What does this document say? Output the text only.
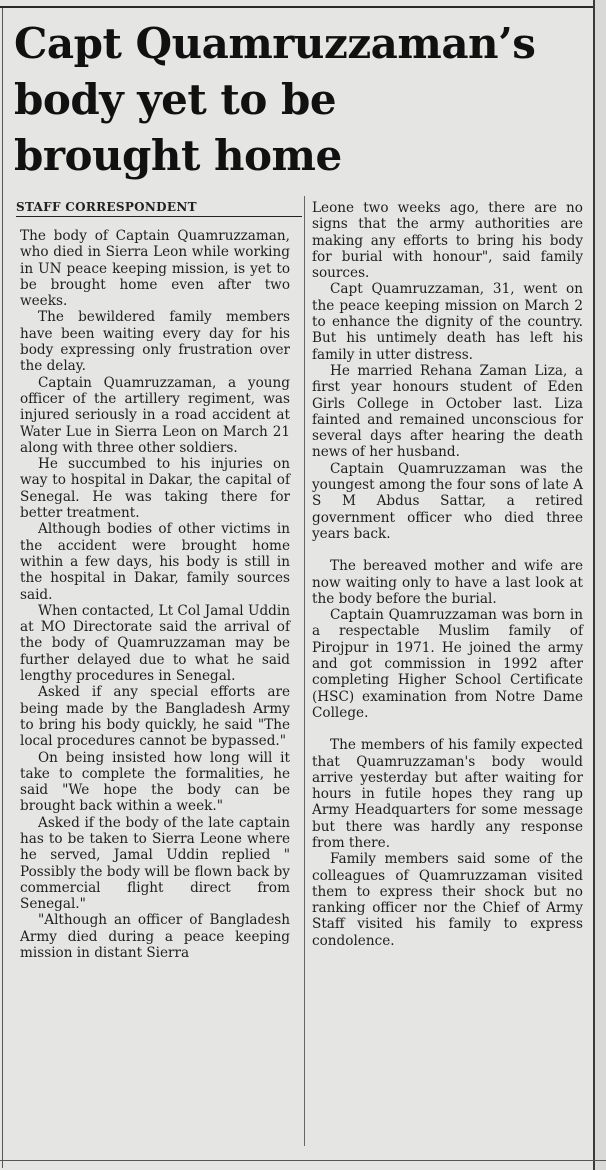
Capt Quamruzzaman’s
body yet to be
brought home
STAFF CORRESPONDENT

The body of Captain Quamruzzaman, who died in Sierra Leon while working in UN peace keeping mission, is yet to be brought home even after two weeks.

The bewildered family members have been waiting every day for his body expressing only frustration over the delay.

Captain Quamruzzaman, a young officer of the artillery regiment, was injured seriously in a road accident at Water Lue in Sierra Leon on March 21 along with three other soldiers.

He succumbed to his injuries on way to hospital in Dakar, the capital of Senegal. He was taking there for better treatment.

Although bodies of other victims in the accident were brought home within a few days, his body is still in the hospital in Dakar, family sources said.

When contacted, Lt Col Jamal Uddin at MO Directorate said the arrival of the body of Quamruzzaman may be further delayed due to what he said lengthy procedures in Senegal.

Asked if any special efforts are being made by the Bangladesh Army to bring his body quickly, he said "The local procedures cannot be bypassed."

On being insisted how long will it take to complete the formalities, he said "We hope the body can be brought back within a week."

Asked if the body of the late captain has to be taken to Sierra Leone where he served, Jamal Uddin replied " Possibly the body will be flown back by commercial flight direct from Senegal."

"Although an officer of Bangladesh Army died during a peace keeping mission in distant Sierra

Leone two weeks ago, there are no signs that the army authorities are making any efforts to bring his body for burial with honour", said family sources.

Capt Quamruzzaman, 31, went on the peace keeping mission on March 2 to enhance the dignity of the country. But his untimely death has left his family in utter distress.

He married Rehana Zaman Liza, a first year honours student of Eden Girls College in October last. Liza fainted and remained unconscious for several days after hearing the death news of her husband.

Captain Quamruzzaman was the youngest among the four sons of late A S M Abdus Sattar, a retired government officer who died three years back.

The bereaved mother and wife are now waiting only to have a last look at the body before the burial.

Captain Quamruzzaman was born in a respectable Muslim family of Pirojpur in 1971. He joined the army and got commission in 1992 after completing Higher School Certificate (HSC) examination from Notre Dame College.

The members of his family expected that Quamruzzaman's body would arrive yesterday but after waiting for hours in futile hopes they rang up Army Headquarters for some message but there was hardly any response from there.

Family members said some of the colleagues of Quamruzzaman visited them to express their shock but no ranking officer nor the Chief of Army Staff visited his family to express condolence.
